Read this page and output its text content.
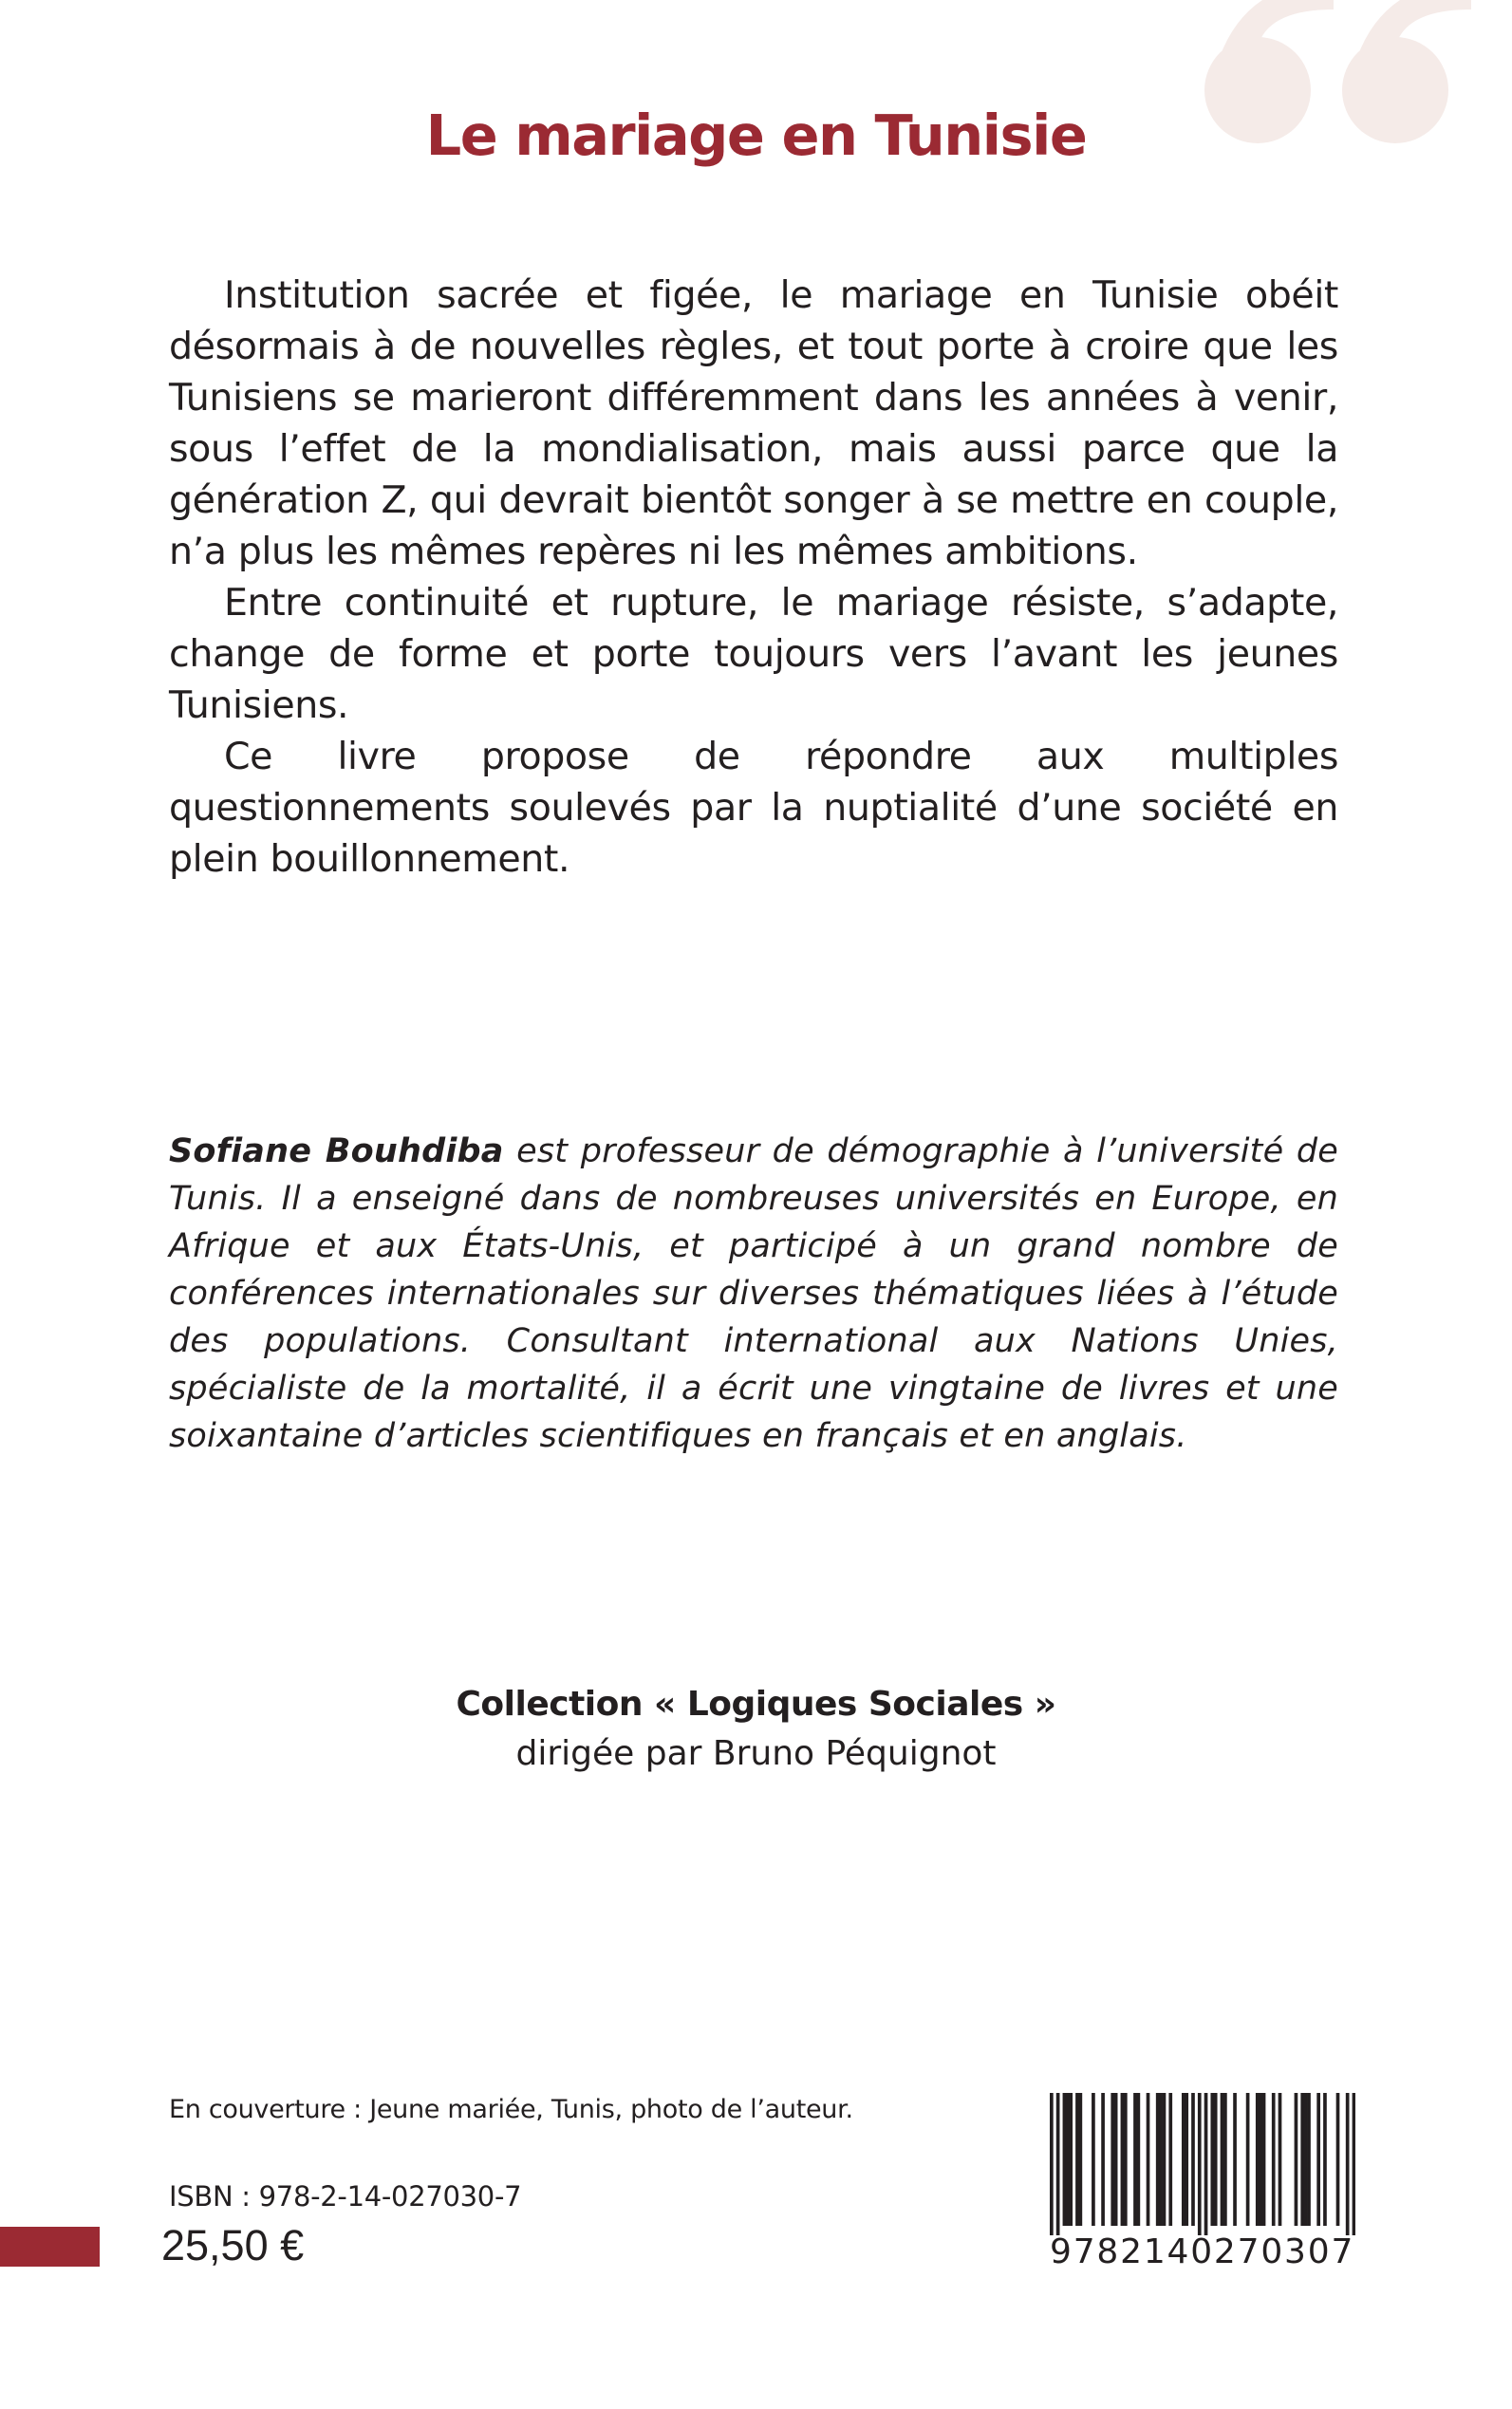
Le mariage en Tunisie

Institution sacrée et figée, le mariage en Tunisie obéit désormais à de nouvelles règles, et tout porte à croire que les Tunisiens se marieront différemment dans les années à venir, sous l’effet de la mondialisation, mais aussi parce que la génération Z, qui devrait bientôt songer à se mettre en couple, n’a plus les mêmes repères ni les mêmes ambitions.

Entre continuité et rupture, le mariage résiste, s’adapte, change de forme et porte toujours vers l’avant les jeunes Tunisiens.

Ce livre propose de répondre aux multiples questionnements soulevés par la nuptialité d’une société en plein bouillonnement.

Sofiane Bouhdiba est professeur de démographie à l’université de Tunis. Il a enseigné dans de nombreuses universités en Europe, en Afrique et aux États-Unis, et participé à un grand nombre de conférences internationales sur diverses thématiques liées à l’étude des populations. Consultant international aux Nations Unies, spécialiste de la mortalité, il a écrit une vingtaine de livres et une soixantaine d’articles scientifiques en français et en anglais.
Collection « Logiques Sociales »
dirigée par Bruno Péquignot
En couverture : Jeune mariée, Tunis, photo de l’auteur.
ISBN : 978-2-14-027030-7
25,50 €	9782140270307
